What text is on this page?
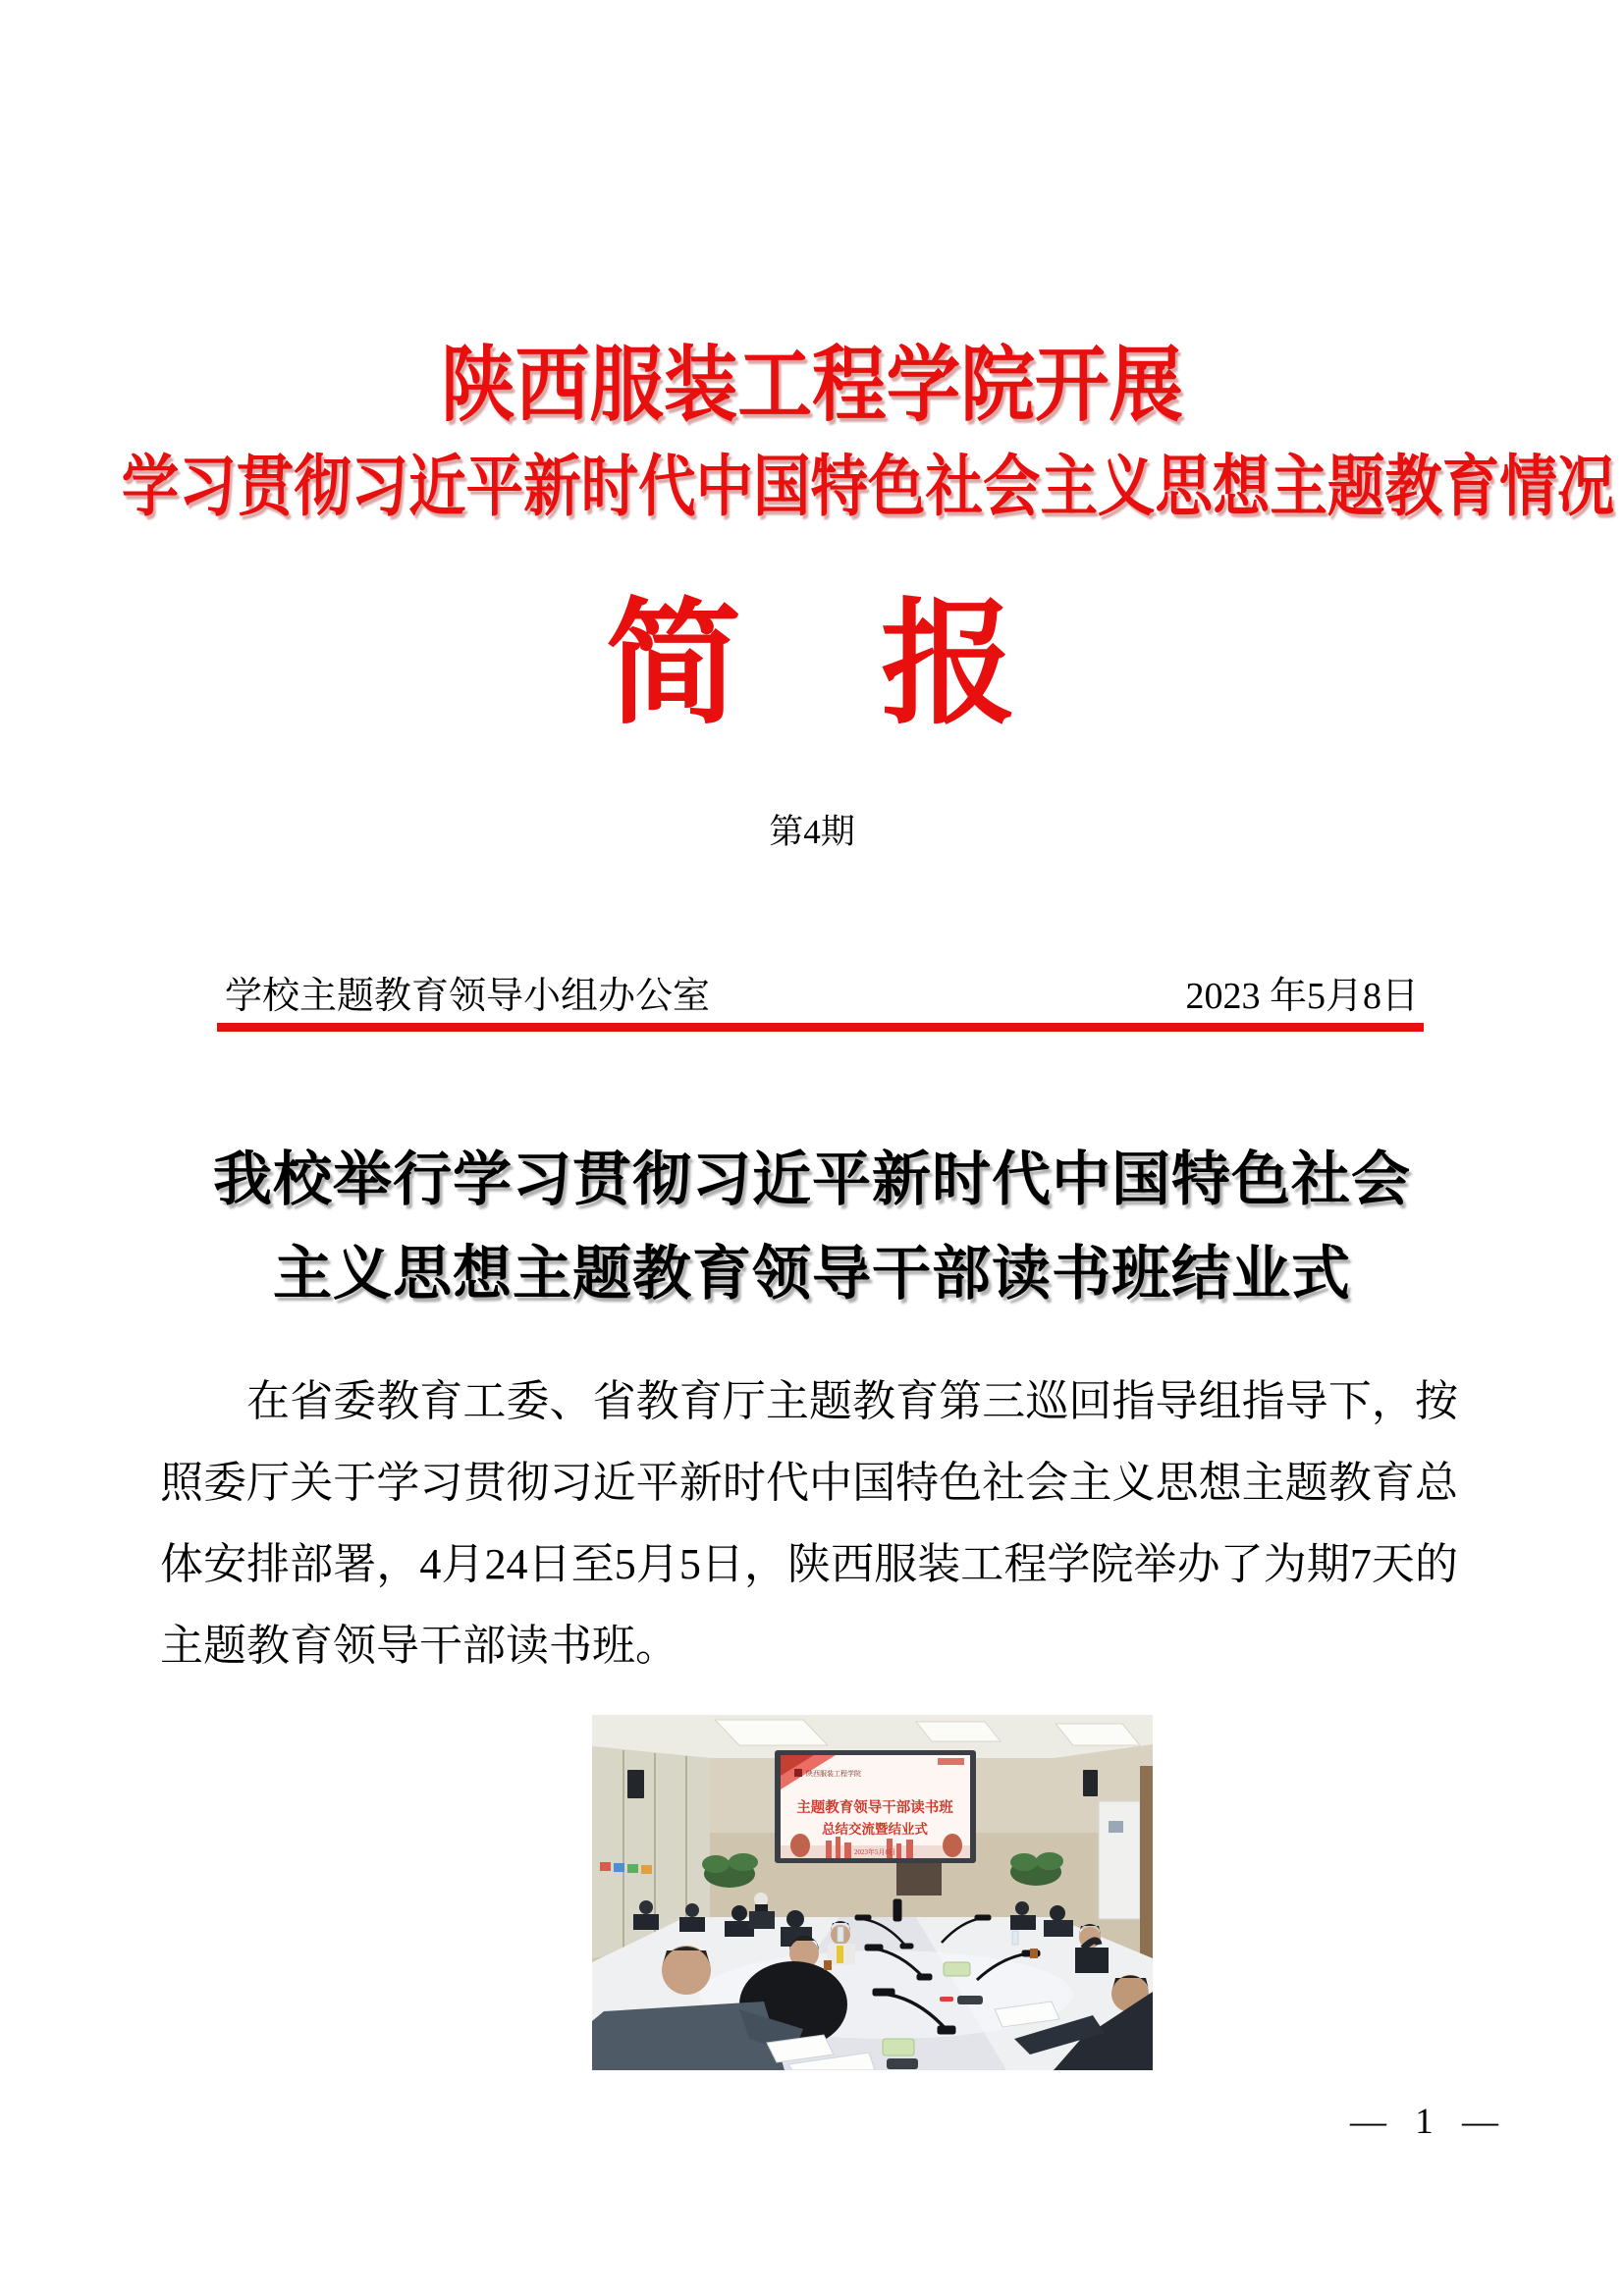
陕西服装工程学院开展
学习贯彻习近平新时代中国特色社会主义思想主题教育情况
简　报
第4期
学校主题教育领导小组办公室	2023 年5月8日
我校举行学习贯彻习近平新时代中国特色社会
主义思想主题教育领导干部读书班结业式
在省委教育工委、省教育厅主题教育第三巡回指导组指导下，按
照委厅关于学习贯彻习近平新时代中国特色社会主义思想主题教育总
体安排部署，4月24日至5月5日，陕西服装工程学院举办了为期7天的
主题教育领导干部读书班。
陕西服装工程学院
主题教育领导干部读书班
总结交流暨结业式
2023年5月8日
— 1 —
